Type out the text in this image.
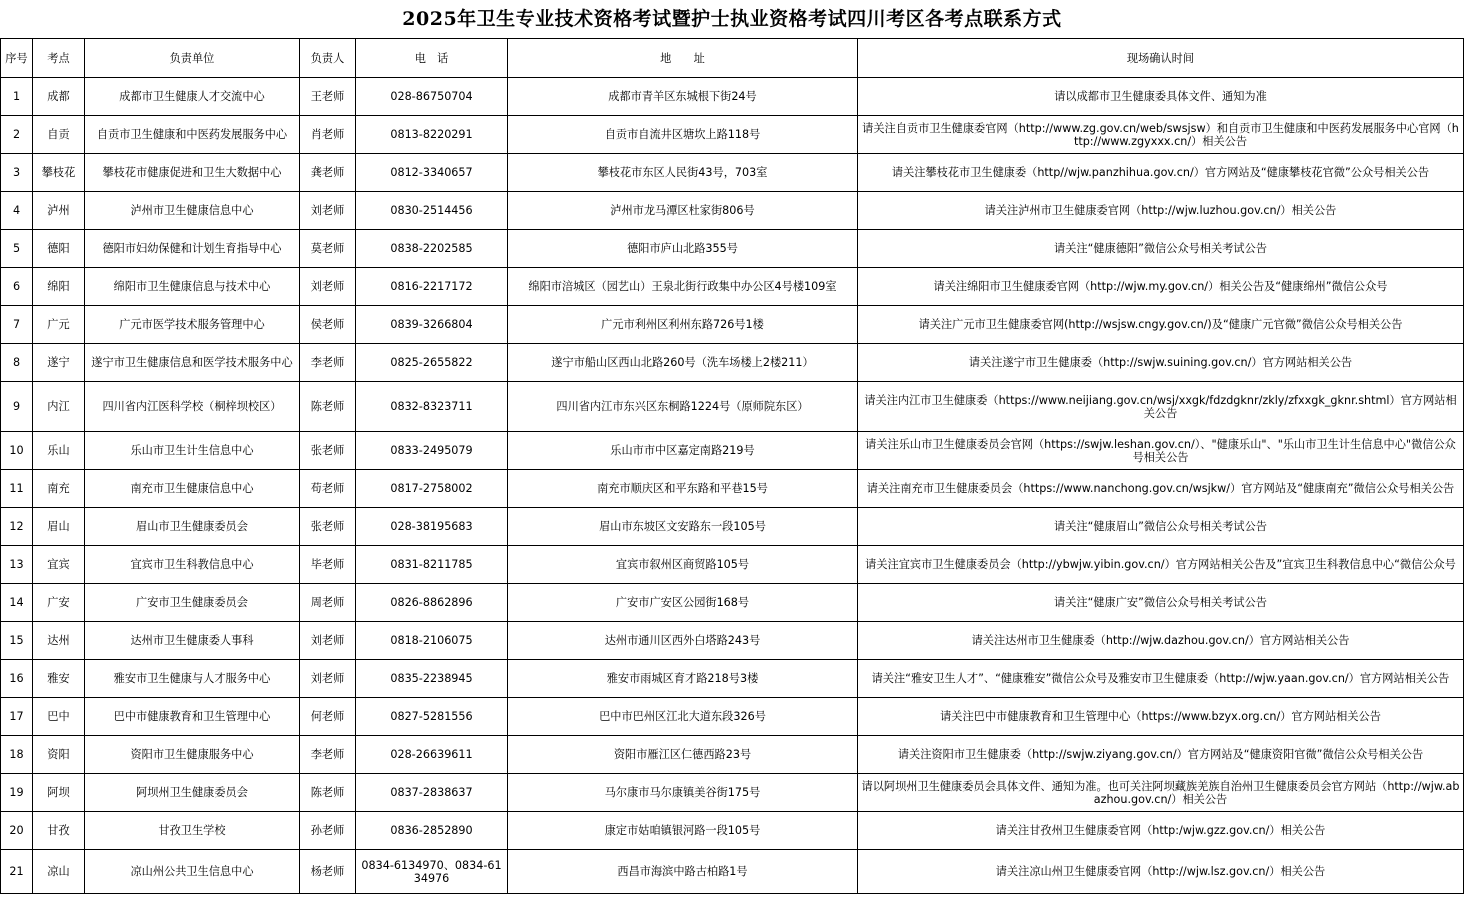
2025年卫生专业技术资格考试暨护士执业资格考试四川考区各考点联系方式
序号	考点	负责单位	负责人	电　话	地　　址	现场确认时间
1	成都	成都市卫生健康人才交流中心	王老师	028-86750704	成都市青羊区东城根下街24号	请以成都市卫生健康委具体文件、通知为准
2	自贡	自贡市卫生健康和中医药发展服务中心	肖老师	0813-8220291	自贡市自流井区塘坎上路118号	请关注自贡市卫生健康委官网（http://www.zg.gov.cn/web/swsjsw）和自贡市卫生健康和中医药发展服务中心官网（http://www.zgyxxx.cn/）相关公告
3	攀枝花	攀枝花市健康促进和卫生大数据中心	龚老师	0812-3340657	攀枝花市东区人民街43号，703室	请关注攀枝花市卫生健康委（http//wjw.panzhihua.gov.cn/）官方网站及“健康攀枝花官微”公众号相关公告
4	泸州	泸州市卫生健康信息中心	刘老师	0830-2514456	泸州市龙马潭区杜家街806号	请关注泸州市卫生健康委官网（http://wjw.luzhou.gov.cn/）相关公告
5	德阳	德阳市妇幼保健和计划生育指导中心	莫老师	0838-2202585	德阳市庐山北路355号	请关注“健康德阳”微信公众号相关考试公告
6	绵阳	绵阳市卫生健康信息与技术中心	刘老师	0816-2217172	绵阳市涪城区（园艺山）王泉北街行政集中办公区4号楼109室	请关注绵阳市卫生健康委官网（http://wjw.my.gov.cn/）相关公告及“健康绵州”微信公众号
7	广元	广元市医学技术服务管理中心	侯老师	0839-3266804	广元市利州区利州东路726号1楼	请关注广元市卫生健康委官网(http://wsjsw.cngy.gov.cn/)及“健康广元官微”微信公众号相关公告
8	遂宁	遂宁市卫生健康信息和医学技术服务中心	李老师	0825-2655822	遂宁市船山区西山北路260号（洗车场楼上2楼211）	请关注遂宁市卫生健康委（http://swjw.suining.gov.cn/）官方网站相关公告
9	内江	四川省内江医科学校（桐梓坝校区）	陈老师	0832-8323711	四川省内江市东兴区东桐路1224号（原师院东区）	请关注内江市卫生健康委（https://www.neijiang.gov.cn/wsj/xxgk/fdzdgknr/zkly/zfxxgk_gknr.shtml）官方网站相关公告
10	乐山	乐山市卫生计生信息中心	张老师	0833-2495079	乐山市市中区嘉定南路219号	请关注乐山市卫生健康委员会官网（https://swjw.leshan.gov.cn/）、"健康乐山"、"乐山市卫生计生信息中心"微信公众号相关公告
11	南充	南充市卫生健康信息中心	苟老师	0817-2758002	南充市顺庆区和平东路和平巷15号	请关注南充市卫生健康委员会（https://www.nanchong.gov.cn/wsjkw/）官方网站及“健康南充”微信公众号相关公告
12	眉山	眉山市卫生健康委员会	张老师	028-38195683	眉山市东坡区文安路东一段105号	请关注“健康眉山”微信公众号相关考试公告
13	宜宾	宜宾市卫生科教信息中心	毕老师	0831-8211785	宜宾市叙州区商贸路105号	请关注宜宾市卫生健康委员会（http://ybwjw.yibin.gov.cn/）官方网站相关公告及”宜宾卫生科教信息中心“微信公众号
14	广安	广安市卫生健康委员会	周老师	0826-8862896	广安市广安区公园街168号	请关注“健康广安”微信公众号相关考试公告
15	达州	达州市卫生健康委人事科	刘老师	0818-2106075	达州市通川区西外白塔路243号	请关注达州市卫生健康委（http://wjw.dazhou.gov.cn/）官方网站相关公告
16	雅安	雅安市卫生健康与人才服务中心	刘老师	0835-2238945	雅安市雨城区育才路218号3楼	请关注“雅安卫生人才”、“健康雅安”微信公众号及雅安市卫生健康委（http://wjw.yaan.gov.cn/）官方网站相关公告
17	巴中	巴中市健康教育和卫生管理中心	何老师	0827-5281556	巴中市巴州区江北大道东段326号	请关注巴中市健康教育和卫生管理中心（https://www.bzyx.org.cn/）官方网站相关公告
18	资阳	资阳市卫生健康服务中心	李老师	028-26639611	资阳市雁江区仁德西路23号	请关注资阳市卫生健康委（http://swjw.ziyang.gov.cn/）官方网站及“健康资阳官微”微信公众号相关公告
19	阿坝	阿坝州卫生健康委员会	陈老师	0837-2838637	马尔康市马尔康镇美谷街175号	请以阿坝州卫生健康委员会具体文件、通知为准。也可关注阿坝藏族羌族自治州卫生健康委员会官方网站（http://wjw.abazhou.gov.cn/）相关公告
20	甘孜	甘孜卫生学校	孙老师	0836-2852890	康定市姑咱镇银河路一段105号	请关注甘孜州卫生健康委官网（http:/wjw.gzz.gov.cn/）相关公告
21	凉山	凉山州公共卫生信息中心	杨老师	0834-6134970、0834-6134976	西昌市海滨中路古柏路1号	请关注凉山州卫生健康委官网（http://wjw.lsz.gov.cn/）相关公告
